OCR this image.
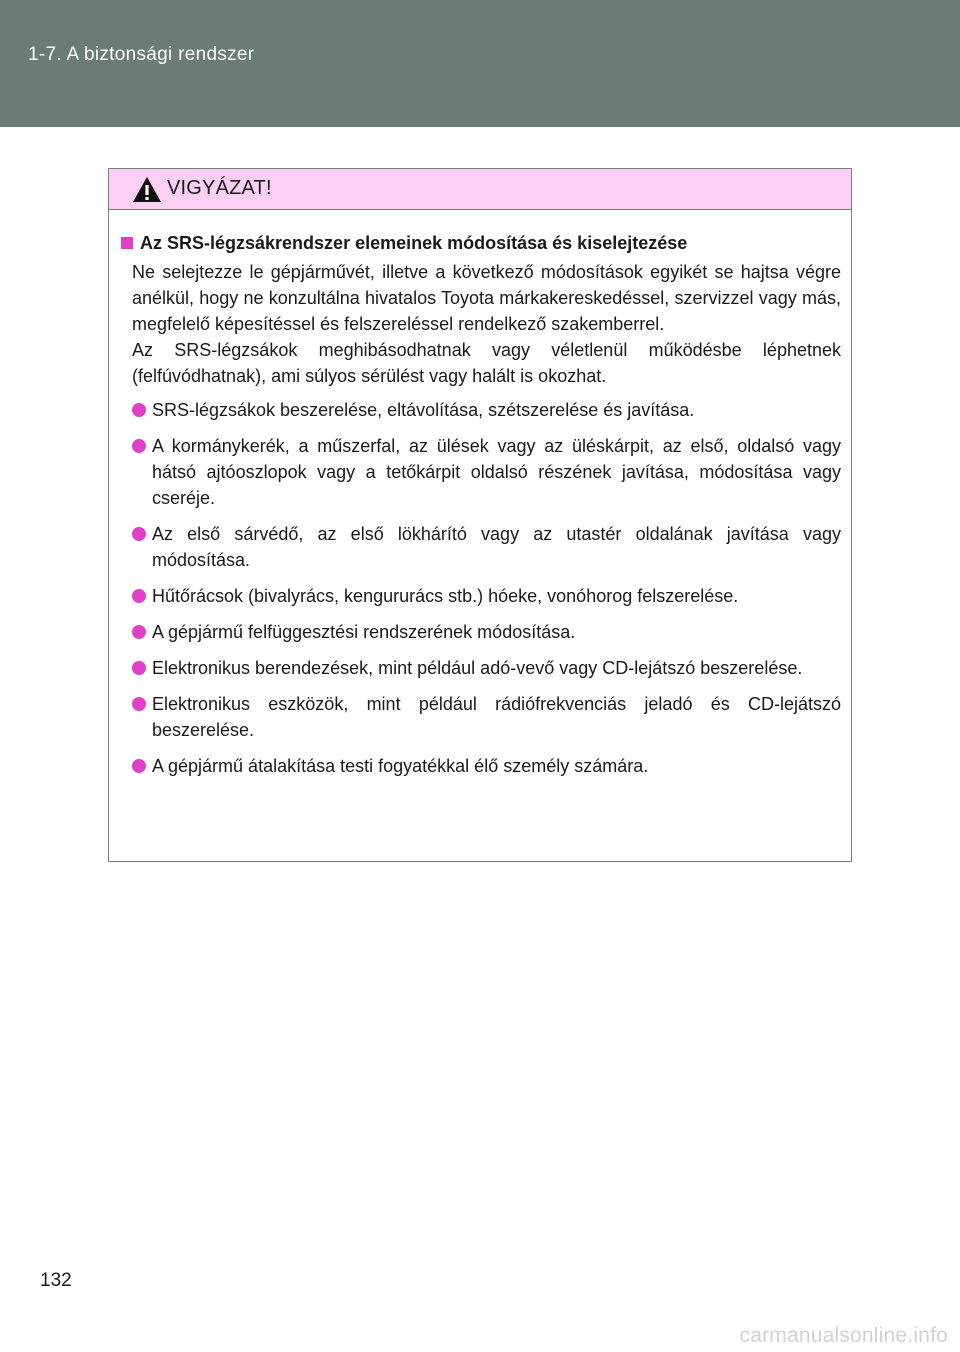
1-7. A biztonsági rendszer
VIGYÁZAT!
Az SRS-légzsákrendszer elemeinek módosítása és kiselejtezése

Ne selejtezze le gépjárművét, illetve a következő módosítások egyikét se hajtsa végre anélkül, hogy ne konzultálna hivatalos Toyota márkakereskedéssel, szervizzel vagy más, megfelelő képesítéssel és felszereléssel rendelkező szakemberrel.

Az SRS-légzsákok meghibásodhatnak vagy véletlenül működésbe léphetnek (felfúvódhatnak), ami súlyos sérülést vagy halált is okozhat.

SRS-légzsákok beszerelése, eltávolítása, szétszerelése és javítása.
A kormánykerék, a műszerfal, az ülések vagy az üléskárpit, az első, oldalsó vagy hátsó ajtóoszlopok vagy a tetőkárpit oldalsó részének javítása, módosítása vagy cseréje.
Az első sárvédő, az első lökhárító vagy az utastér oldalának javítása vagy módosítása.
Hűtőrácsok (bivalyrács, kengururács stb.) hóeke, vonóhorog felszerelése.
A gépjármű felfüggesztési rendszerének módosítása.
Elektronikus berendezések, mint például adó-vevő vagy CD-lejátszó beszerelése.
Elektronikus eszközök, mint például rádiófrekvenciás jeladó és CD-lejátszó beszerelése.
A gépjármű átalakítása testi fogyatékkal élő személy számára.
132
carmanualsonline.info
